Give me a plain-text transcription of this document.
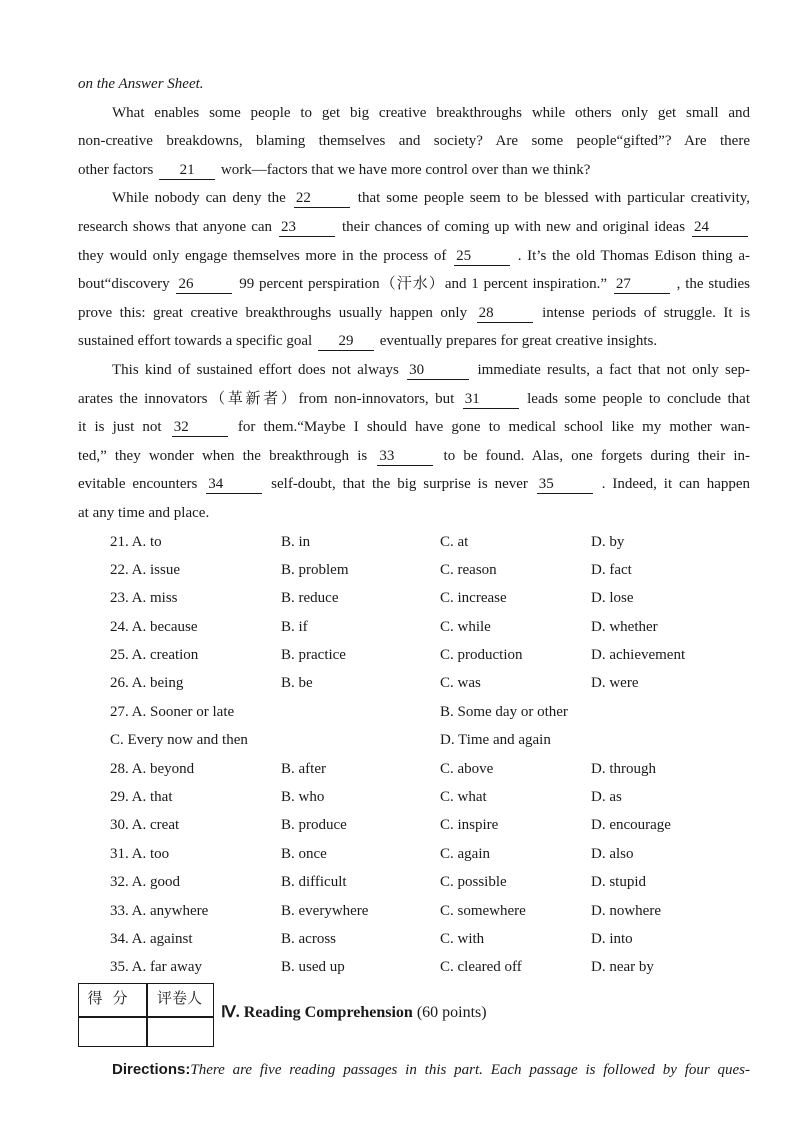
on the Answer Sheet.
What enables some people to get big creative breakthroughs while others only get small and
non-creative breakdowns, blaming themselves and society? Are some people“gifted”? Are there
other factors 21 work—factors that we have more control over than we think?
While nobody can deny the 22	that some people seem to be blessed with particular creativity,
research shows that anyone can 23	their chances of coming up with new and original ideas 24
they would only engage themselves more in the process of 25	. It’s the old Thomas Edison thing a-
bout“discovery 26	99 percent perspiration（汗水）and 1 percent inspiration.” 27	, the studies
prove this: great creative breakthroughs usually happen only 28	intense periods of struggle. It is
sustained effort towards a specific goal 29 eventually prepares for great creative insights.
This kind of sustained effort does not always 30	immediate results, a fact that not only sep-
arates the innovators（革新者）from non-innovators, but 31	leads some people to conclude that
it is just not 32	for them.“Maybe I should have gone to medical school like my mother wan-
ted,” they wonder when the breakthrough is 33	to be found. Alas, one forgets during their in-
evitable encounters 34	self-doubt, that the big surprise is never 35	. Indeed, it can happen
at any time and place.
21. A. to	B. in	C. at	D. by
22. A. issue	B. problem	C. reason	D. fact
23. A. miss	B. reduce	C. increase	D. lose
24. A. because	B. if	C. while	D. whether
25. A. creation	B. practice	C. production	D. achievement
26. A. being	B. be	C. was	D. were
27. A. Sooner or late	B. Some day or other
C. Every now and then	D. Time and again
28. A. beyond	B. after	C. above	D. through
29. A. that	B. who	C. what	D. as
30. A. creat	B. produce	C. inspire	D. encourage
31. A. too	B. once	C. again	D. also
32. A. good	B. difficult	C. possible	D. stupid
33. A. anywhere	B. everywhere	C. somewhere	D. nowhere
34. A. against	B. across	C. with	D. into
35. A. far away	B. used up	C. cleared off	D. near by
得分	评卷人
Ⅳ. Reading Comprehension (60 points)
Directions:There are five reading passages in this part. Each passage is followed by four ques-
